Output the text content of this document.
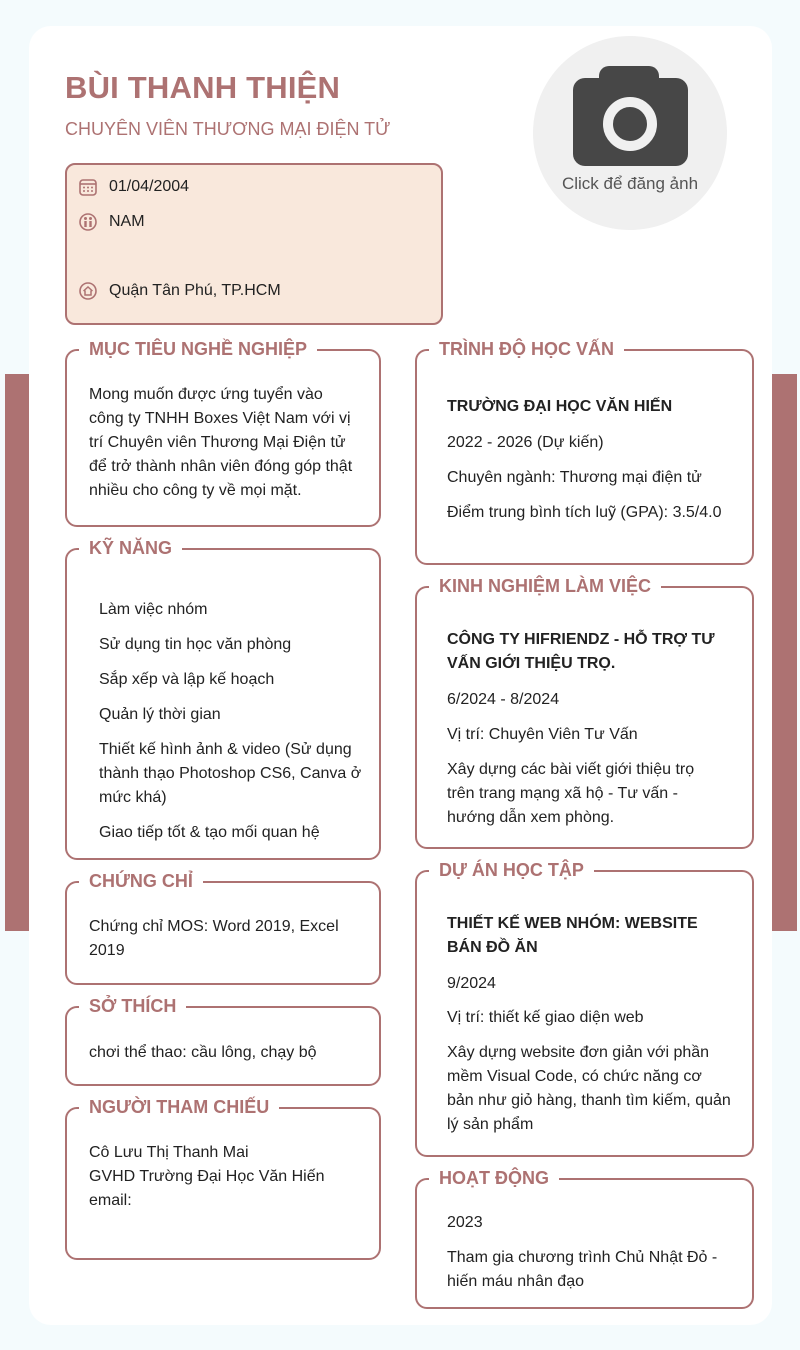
BÙI THANH THIỆN
CHUYÊN VIÊN THƯƠNG MẠI ĐIỆN TỬ
Click để đăng ảnh
01/04/2004
NAM
Quận Tân Phú, TP.HCM
MỤC TIÊU NGHỀ NGHIỆP

Mong muốn được ứng tuyển vào công ty TNHH Boxes Việt Nam với vị trí Chuyên viên Thương Mại Điện tử để trở thành nhân viên đóng góp thật nhiều cho công ty về mọi mặt.

KỸ NĂNG

Làm việc nhóm

Sử dụng tin học văn phòng

Sắp xếp và lập kế hoạch

Quản lý thời gian

Thiết kế hình ảnh & video (Sử dụng thành thạo Photoshop CS6, Canva ở mức khá)

Giao tiếp tốt & tạo mối quan hệ

CHỨNG CHỈ

Chứng chỉ MOS: Word 2019, Excel 2019

SỞ THÍCH

chơi thể thao: cầu lông, chạy bộ

NGƯỜI THAM CHIẾU

Cô Lưu Thị Thanh Mai

GVHD Trường Đại Học Văn Hiến

email:

TRÌNH ĐỘ HỌC VẤN

TRƯỜNG ĐẠI HỌC VĂN HIẾN

2022 - 2026 (Dự kiến)

Chuyên ngành: Thương mại điện tử

Điểm trung bình tích luỹ (GPA): 3.5/4.0

KINH NGHIỆM LÀM VIỆC

CÔNG TY HIFRIENDZ - HỖ TRỢ TƯ VẤN GIỚI THIỆU TRỌ.

6/2024 - 8/2024

Vị trí: Chuyên Viên Tư Vấn

Xây dựng các bài viết giới thiệu trọ trên trang mạng xã hộ - Tư vấn - hướng dẫn xem phòng.

DỰ ÁN HỌC TẬP

THIẾT KẾ WEB NHÓM: WEBSITE BÁN ĐỒ ĂN

9/2024

Vị trí: thiết kế giao diện web

Xây dựng website đơn giản với phần mềm Visual Code, có chức năng cơ bản như giỏ hàng, thanh tìm kiếm, quản lý sản phẩm

HOẠT ĐỘNG

2023

Tham gia chương trình Chủ Nhật Đỏ - hiến máu nhân đạo
